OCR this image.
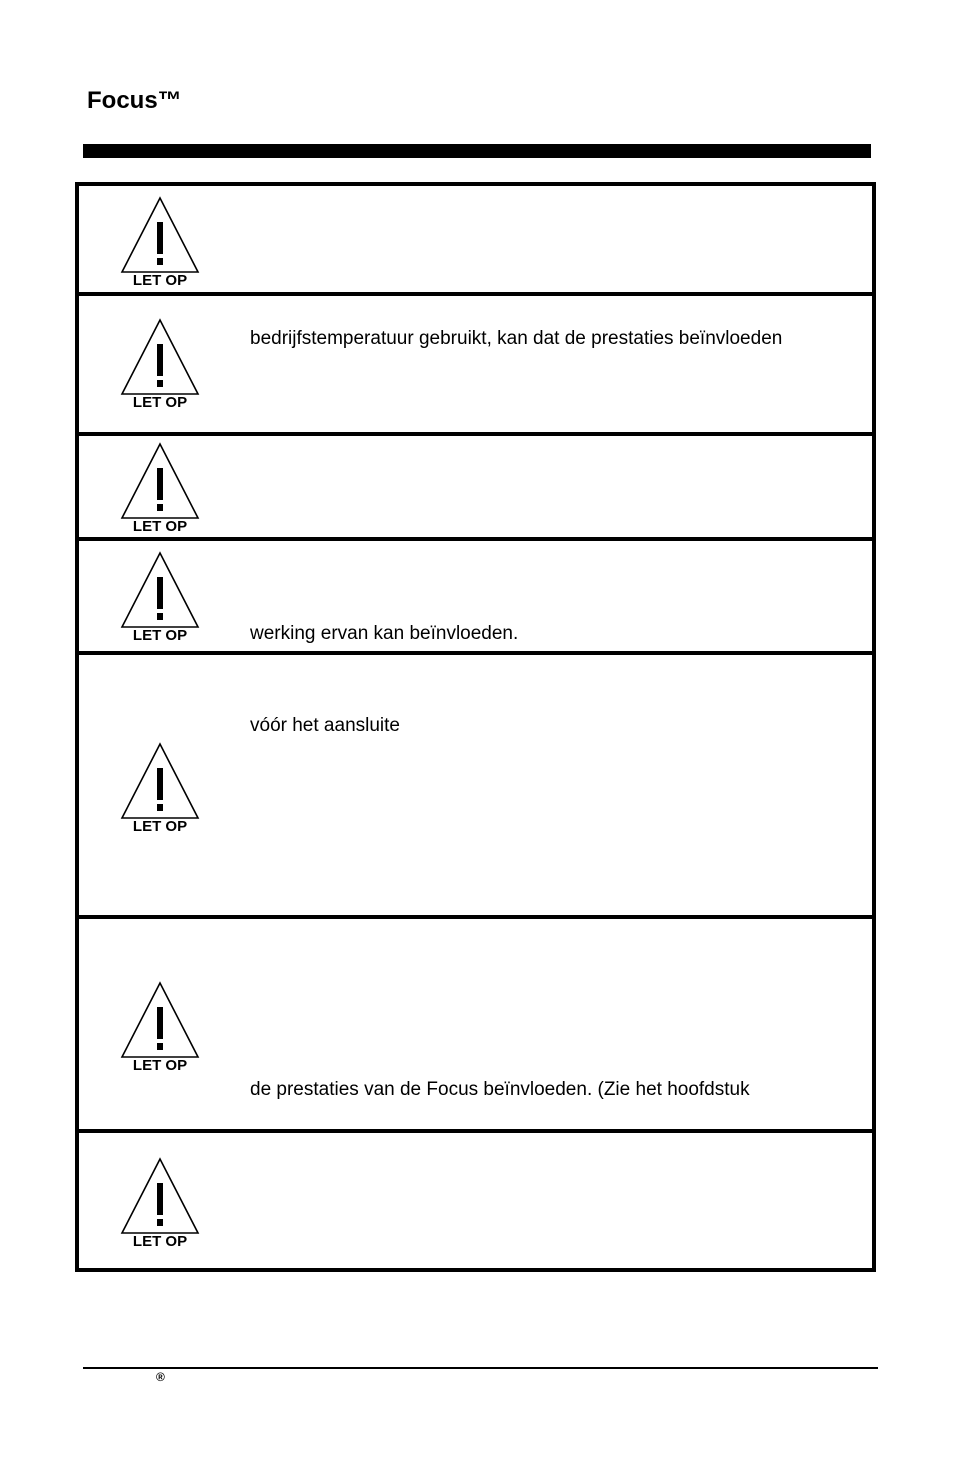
Focus™
LET OP
LET OP
bedrijfstemperatuur gebruikt, kan dat de prestaties beïnvloeden
LET OP
LET OP	werking ervan kan beïnvloeden.
LET OP
vóór het aansluite
LET OP
de prestaties van de Focus beïnvloeden. (Zie het hoofdstuk
LET OP
®
